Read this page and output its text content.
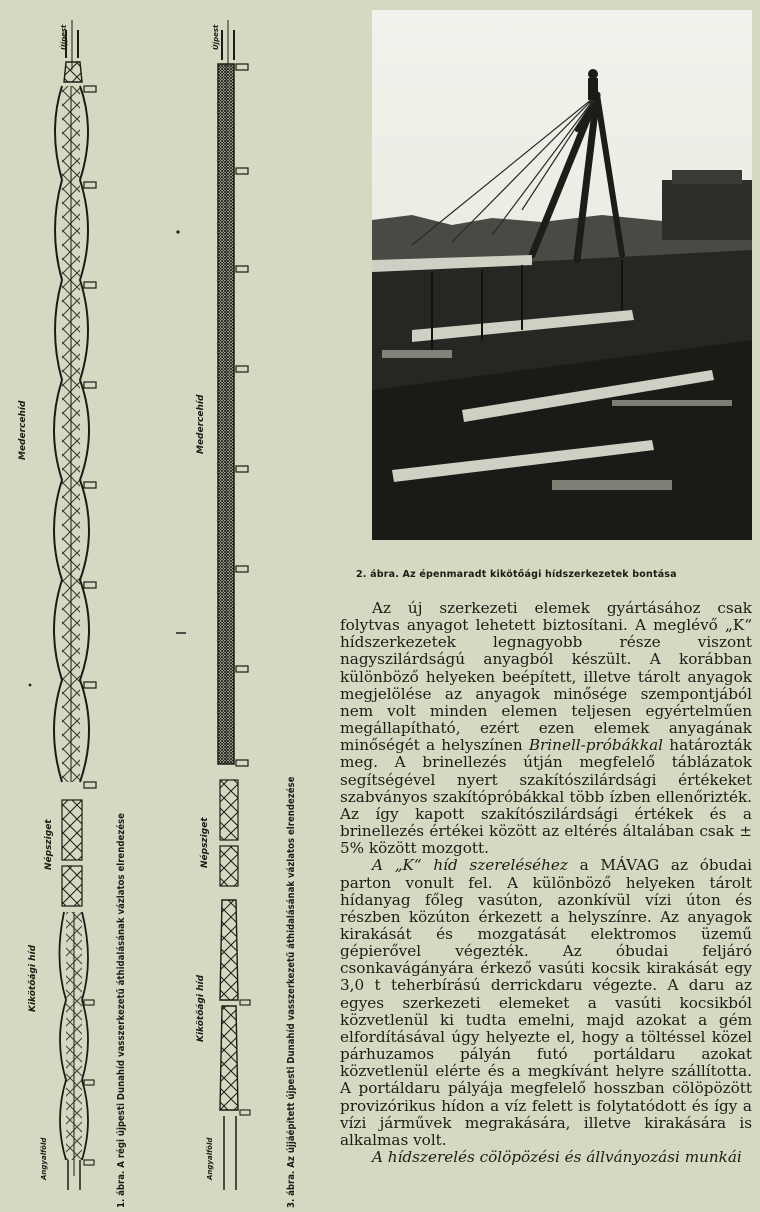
Újpest
Medercehíd
Népsziget
Kikötőági híd
Angyalföld	1. ábra. A régi újpesti Dunahíd vasszerkezetű áthidalásának vázlatos elrendezése
Újpest
Medercehíd
Népsziget
Kikötőági híd
Angyalföld	3. ábra. Az újjáépített újpesti Dunahíd vasszerkezetű áthidalásának vázlatos elrendezése
2. ábra. Az épenmaradt kikötőági hídszerkezetek bontása

Az új szerkezeti elemek gyártásához csak folytvas anyagot lehetett biztosítani. A meglévő „K“ hídszerkezetek legnagyobb része viszont nagyszilárdságú anyagból készült. A korábban különböző helyeken beépített, illetve tárolt anyagok megjelölése az anyagok minősége szempontjából nem volt minden elemen teljesen egyértelműen megállapítható, ezért ezen elemek anyagának minőségét a helyszínen Brinell-próbákkal határozták meg. A brinellezés útján megfelelő táblázatok segítségével nyert szakítószilárdsági értékeket szabványos szakítópróbákkal több ízben ellenőrizték. Az így kapott szakítószilárdsági értékek és a brinellezés értékei között az eltérés általában csak ± 5% között mozgott.

A „K“ híd szereléséhez a MÁVAG az óbudai parton vonult fel. A különböző helyeken tárolt hídanyag főleg vasúton, azonkívül vízi úton és részben közúton érkezett a helyszínre. Az anyagok kirakását és mozgatását elektromos üzemű gépierővel végezték. Az óbudai feljáró csonkavágányára érkező vasúti kocsik kirakását egy 3,0 t teherbírású derrickdaru végezte. A daru az egyes szerkezeti elemeket a vasúti kocsikból közvetlenül ki tudta emelni, majd azokat a gém elfordításával úgy helyezte el, hogy a töltéssel közel párhuzamos pályán futó portáldaru azokat közvetlenül elérte és a megkívánt helyre szállította. A portáldaru pályája megfelelő hosszban cölöpözött provizórikus hídon a víz felett is folytatódott és így a vízi járművek megrakására, illetve kirakására is alkalmas volt.

A hídszerelés cölöpözési és állványozási munkái
